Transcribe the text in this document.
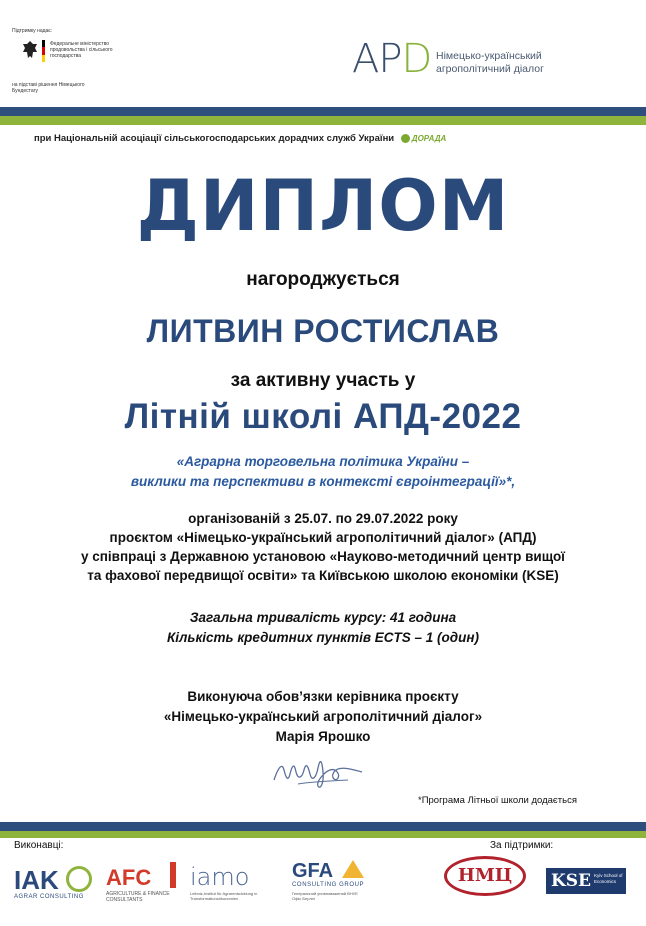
Підтримку надає:
Федеральне міністерство продовольства і сільського господарства
на підставі рішення Німецького Бундестагу
APD Німецько-український
агрополітичний діалог
при Національній асоціації сільськогосподарських дорадчих служб України ДОРАДА
ДИПЛОМ
нагороджується
ЛИТВИН РОСТИСЛАВ
за активну участь у
Літній школі АПД-2022
«Аграрна торговельна політика України –
виклики та перспективи в контексті євроінтеграції»*,
організованій з 25.07. по 29.07.2022 року
проєктом «Німецько-український агрополітичний діалог» (АПД)
у співпраці з Державною установою «Науково-методичний центр вищої
та фахової передвищої освіти» та Київською школою економіки (KSE)
Загальна тривалість курсу: 41 година
Кількість кредитних пунктів ECTS – 1 (один)
Виконуюча обов’язки керівника проєкту
«Німецько-український агрополітичний діалог»
Марія Ярошко
*Програма Літньої школи додається
Виконавці:	За підтримки:
IAK
AGRAR CONSULTING
AFC
AGRICULTURE & FINANCE
CONSULTANTS
iamo
Leibniz-Institut für Agrarentwicklung in Transformationsökonomien
GFA
CONSULTING GROUP
Генеральний уповноважений ВНУЕ
Офіс Берлін
НМЦ	KSE Kyiv School of Economics
